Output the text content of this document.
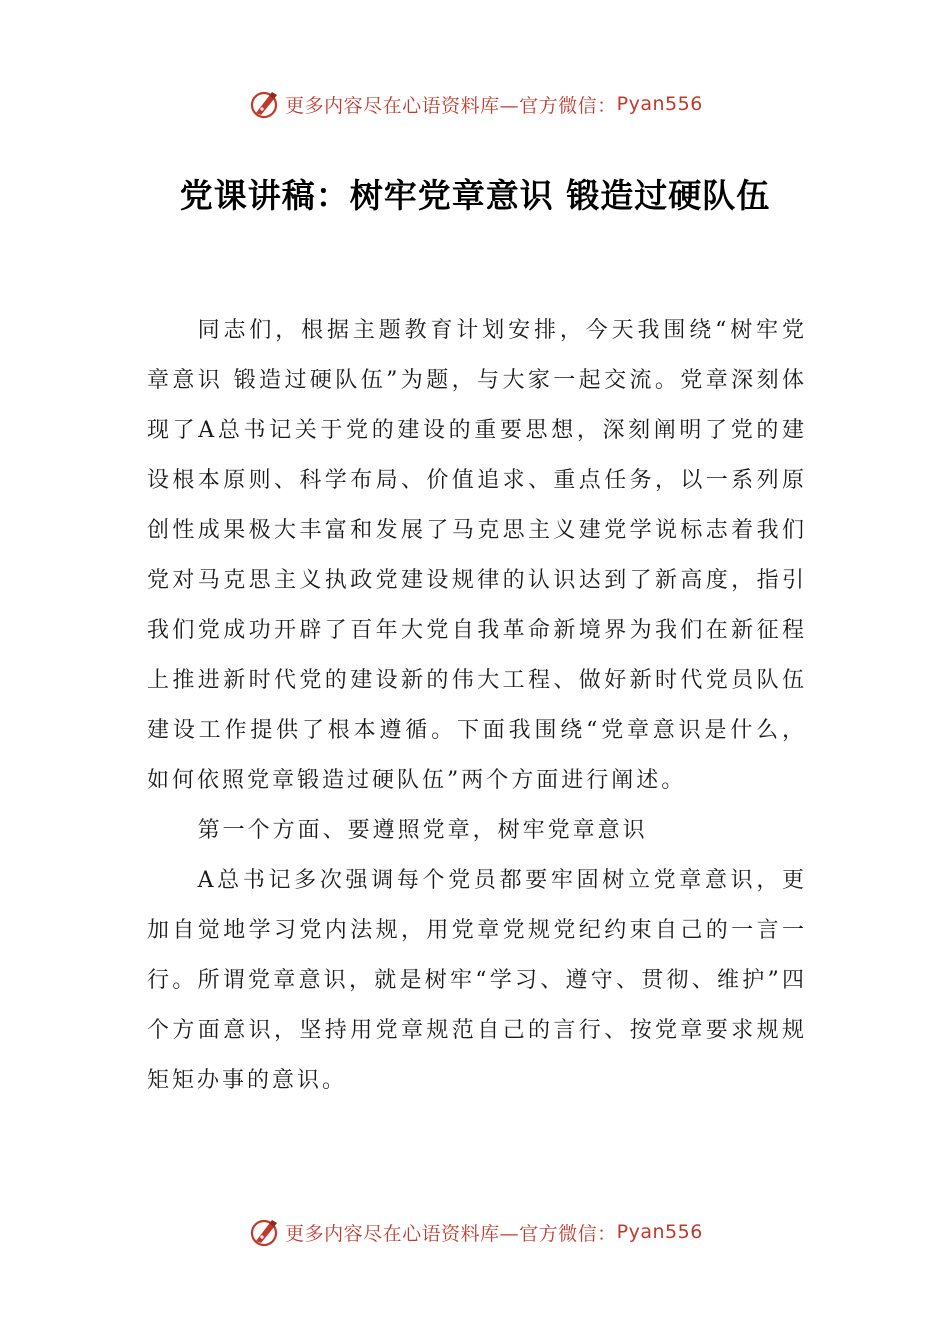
更多内容尽在心语资料库—官方微信： Pyan556
党课讲稿：树牢党章意识 锻造过硬队伍

同志们，根据主题教育计划安排，今天我围绕“树牢党章意识 锻造过硬队伍”为题，与大家一起交流。党章深刻体现了A总书记关于党的建设的重要思想，深刻阐明了党的建设根本原则、科学布局、价值追求、重点任务，以一系列原创性成果极大丰富和发展了马克思主义建党学说标志着我们党对马克思主义执政党建设规律的认识达到了新高度，指引我们党成功开辟了百年大党自我革命新境界为我们在新征程上推进新时代党的建设新的伟大工程、做好新时代党员队伍建设工作提供了根本遵循。下面我围绕“党章意识是什么，如何依照党章锻造过硬队伍”两个方面进行阐述。

第一个方面、要遵照党章，树牢党章意识

A总书记多次强调每个党员都要牢固树立党章意识，更加自觉地学习党内法规，用党章党规党纪约束自己的一言一行。所谓党章意识，就是树牢“学习、遵守、贯彻、维护”四个方面意识，坚持用党章规范自己的言行、按党章要求规规矩矩办事的意识。

更多内容尽在心语资料库—官方微信： Pyan556
